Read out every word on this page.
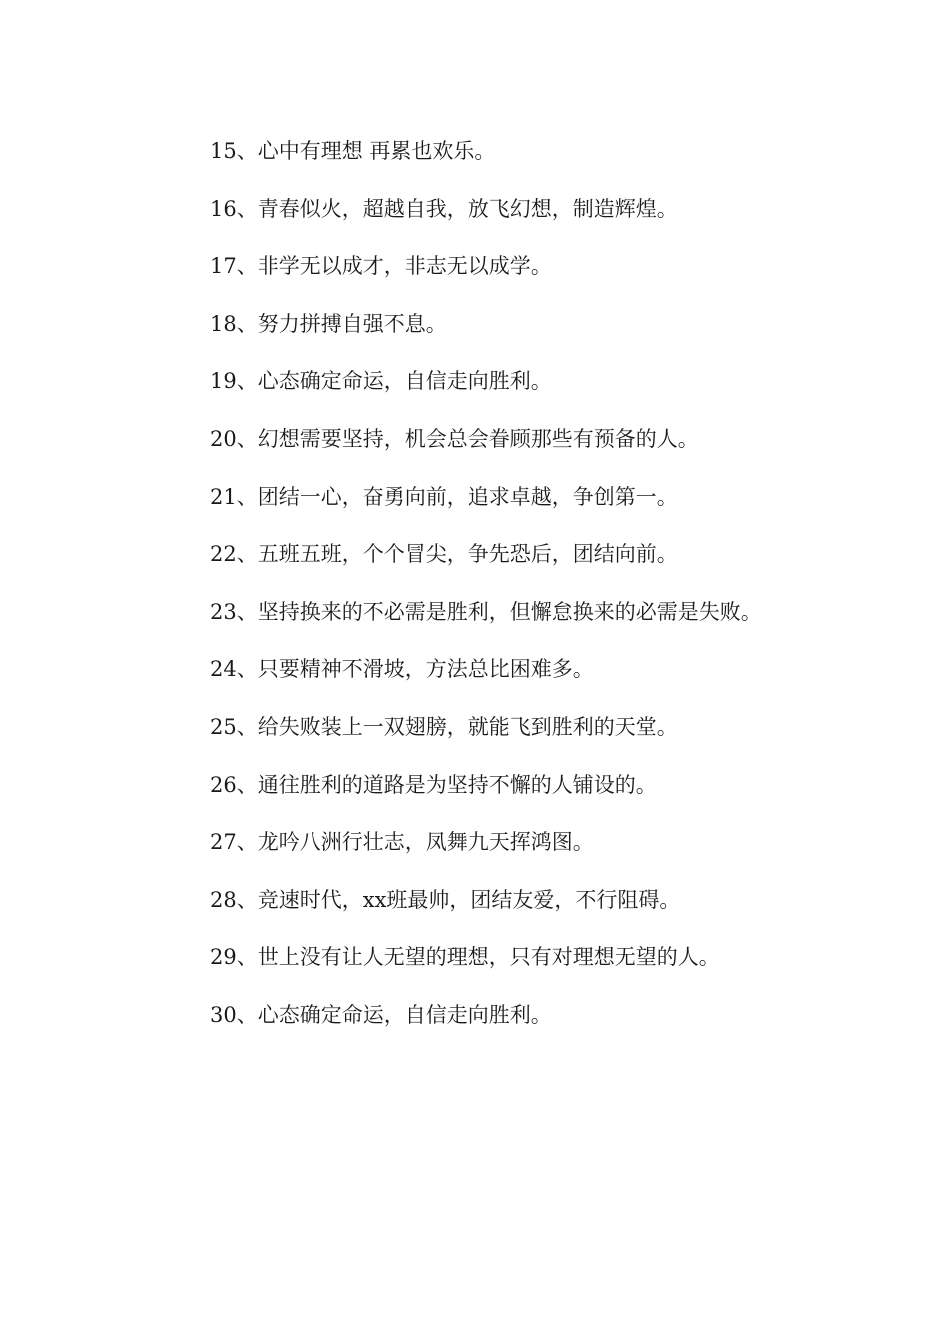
15、心中有理想 再累也欢乐。
16、青春似火，超越自我，放飞幻想，制造辉煌。
17、非学无以成才，非志无以成学。
18、努力拼搏自强不息。
19、心态确定命运，自信走向胜利。
20、幻想需要坚持，机会总会眷顾那些有预备的人。
21、团结一心，奋勇向前，追求卓越，争创第一。
22、五班五班，个个冒尖，争先恐后，团结向前。
23、坚持换来的不必需是胜利，但懈怠换来的必需是失败。
24、只要精神不滑坡，方法总比困难多。
25、给失败装上一双翅膀，就能飞到胜利的天堂。
26、通往胜利的道路是为坚持不懈的人铺设的。
27、龙吟八洲行壮志，凤舞九天挥鸿图。
28、竞速时代，xx班最帅，团结友爱，不行阻碍。
29、世上没有让人无望的理想，只有对理想无望的人。
30、心态确定命运，自信走向胜利。
